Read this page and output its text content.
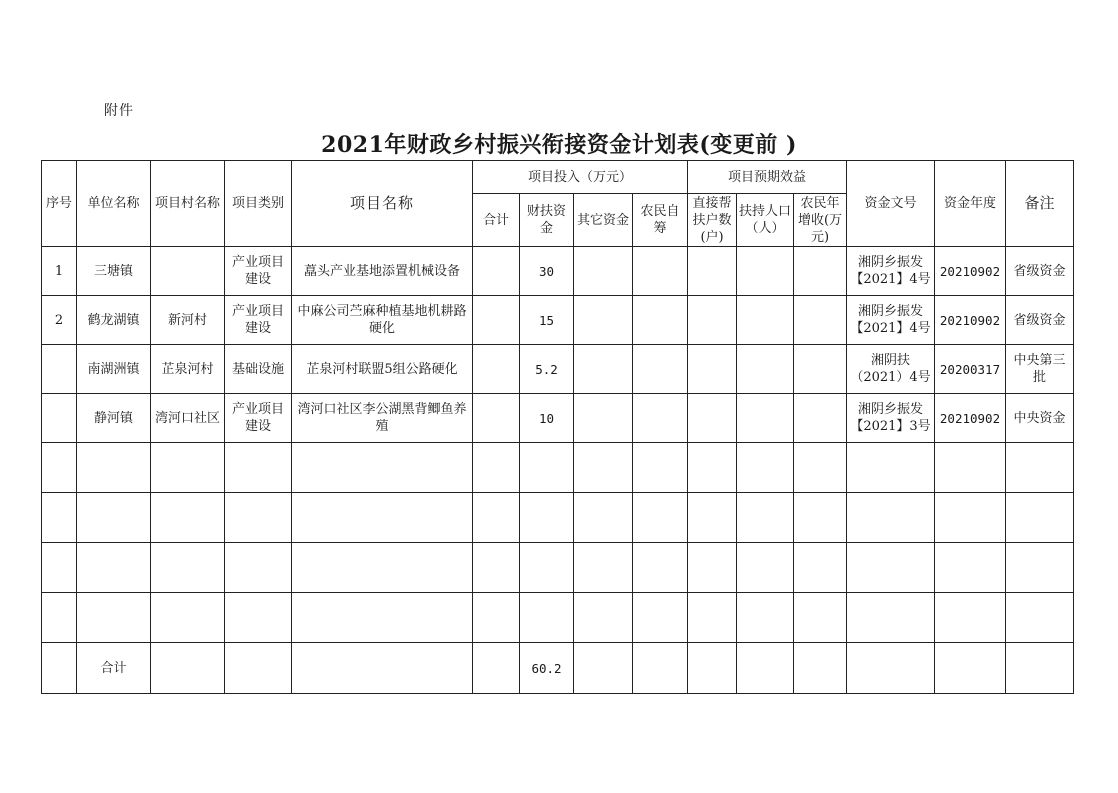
附件
2021年财政乡村振兴衔接资金计划表(变更前 )
序号	单位名称	项目村名称	项目类别	项目名称	项目投入（万元）				项目预期效益			资金文号	资金年度	备注
					合计	财扶资金	其它资金	农民自筹	直接帮扶户数(户)	扶持人口（人）	农民年增收(万元)			
1	三塘镇		产业项目建设	藠头产业基地添置机械设备		30						湘阴乡振发【2021】4号	20210902	省级资金
2	鹤龙湖镇	新河村	产业项目建设	中麻公司苎麻种植基地机耕路硬化		15						湘阴乡振发【2021】4号	20210902	省级资金
	南湖洲镇	芷泉河村	基础设施	芷泉河村联盟5组公路硬化		5.2						湘阴扶（2021）4号	20200317	中央第三批
	静河镇	湾河口社区	产业项目建设	湾河口社区李公湖黑背鲫鱼养殖		10						湘阴乡振发【2021】3号	20210902	中央资金

	合计					60.2								
